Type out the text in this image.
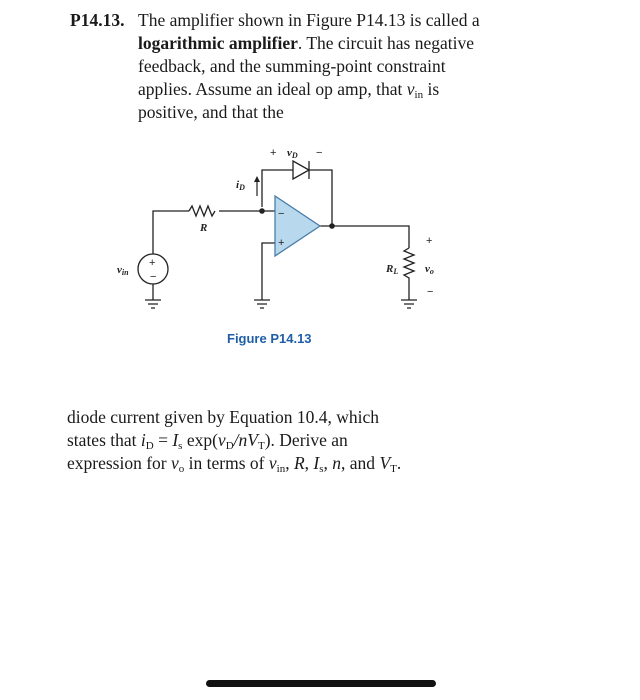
P14.13. The amplifier shown in Figure P14.13 is called a logarithmic amplifier. The circuit has negative feedback, and the summing-point constraint applies. Assume an ideal op amp, that $v_{in}$ is positive, and that the
−
+
+
−
+ vD −
iD
R
vin	RL
+
vo
−
Figure P14.13
diode current given by Equation 10.4, which states that $i_D = I_s$ $\exp(v_D/nV_T)$. Derive an expression for $v_o$ in terms of $v_{in}$, R, $I_s$, n, and $V_T$.
